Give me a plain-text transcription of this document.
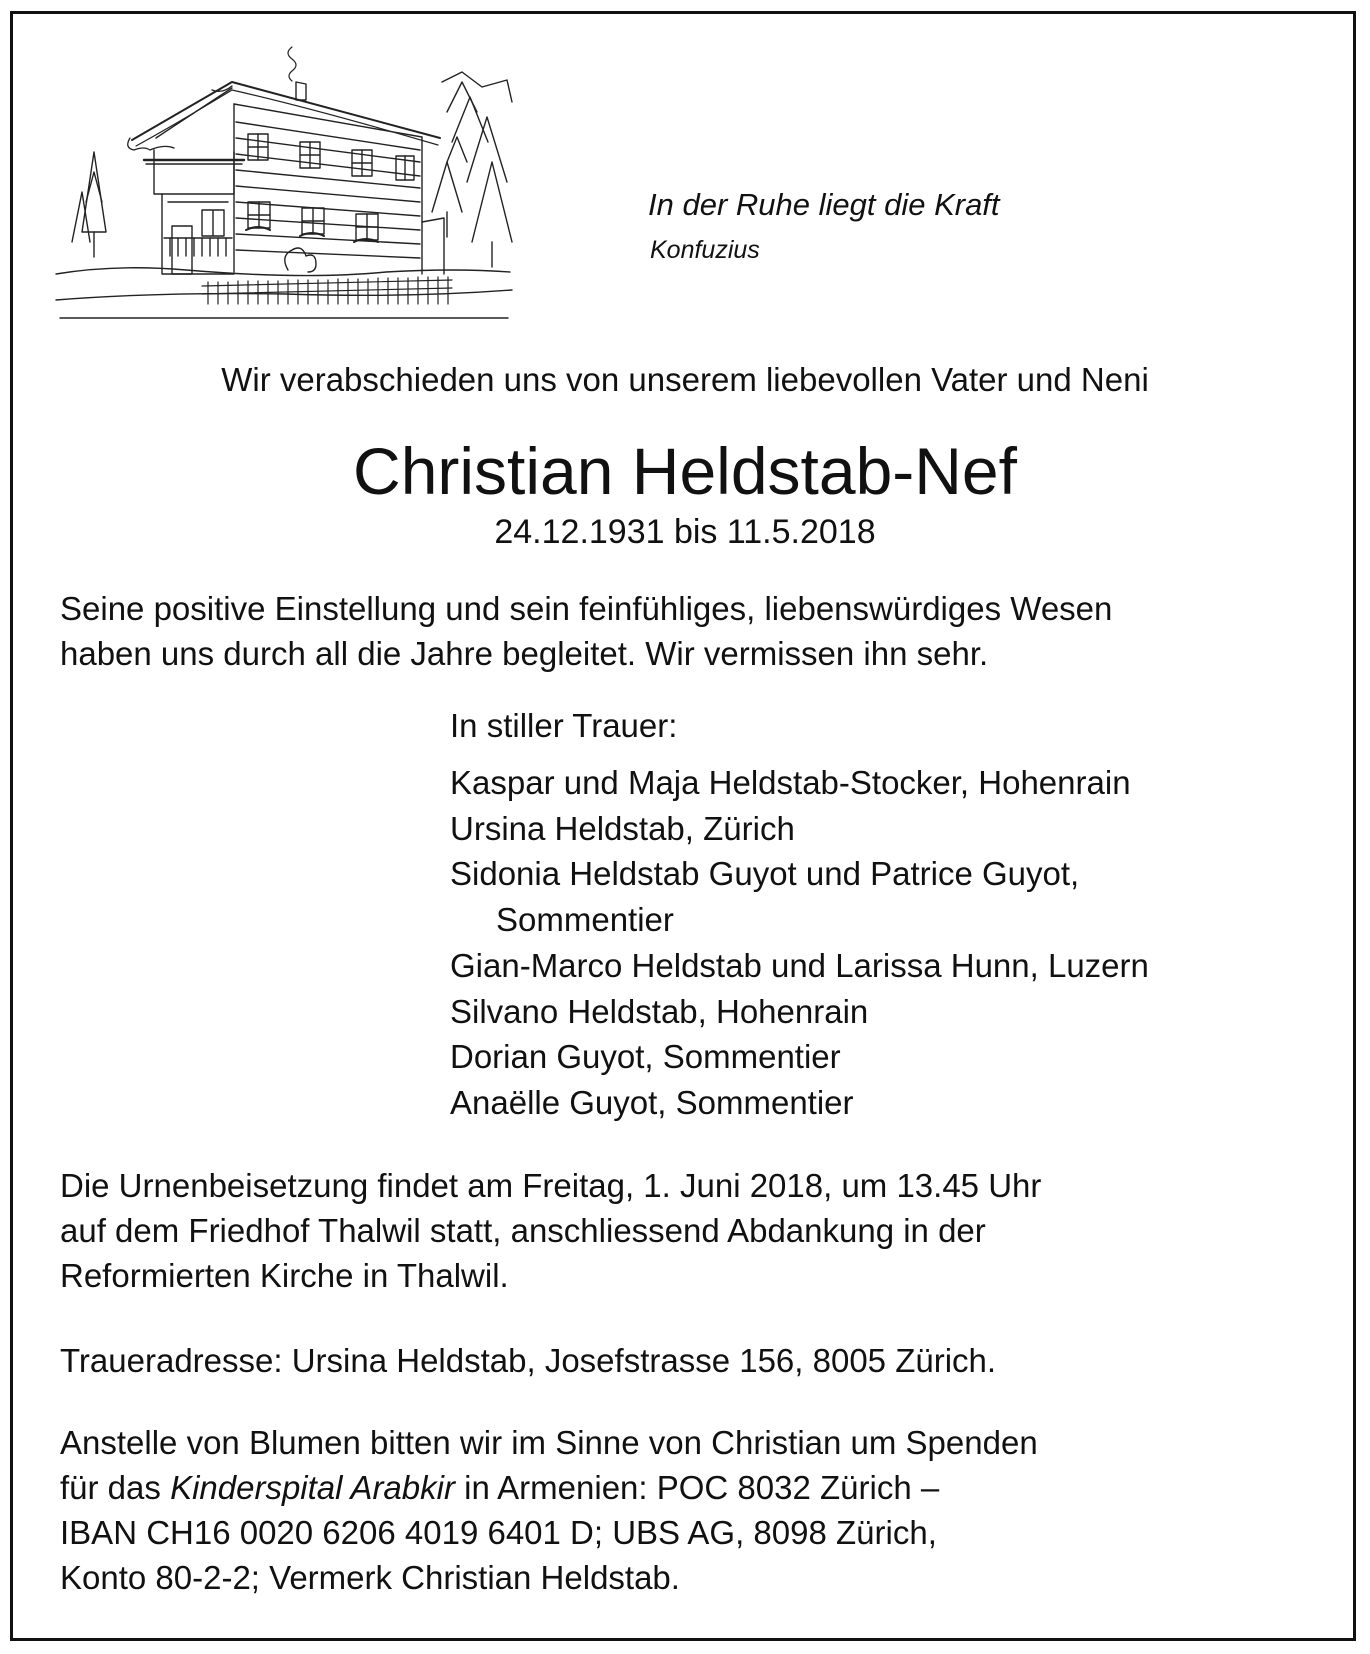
In der Ruhe liegt die Kraft
Konfuzius
Wir verabschieden uns von unserem liebevollen Vater und Neni
Christian Heldstab-Nef
24.12.1931 bis 11.5.2018
Seine positive Einstellung und sein feinfühliges, liebenswürdiges Wesen
haben uns durch all die Jahre begleitet. Wir vermissen ihn sehr.
In stiller Trauer:
Kaspar und Maja Heldstab-Stocker, Hohenrain
Ursina Heldstab, Zürich
Sidonia Heldstab Guyot und Patrice Guyot,
Sommentier
Gian-Marco Heldstab und Larissa Hunn, Luzern
Silvano Heldstab, Hohenrain
Dorian Guyot, Sommentier
Anaëlle Guyot, Sommentier
Die Urnenbeisetzung findet am Freitag, 1. Juni 2018, um 13.45 Uhr
auf dem Friedhof Thalwil statt, anschliessend Abdankung in der
Reformierten Kirche in Thalwil.
Traueradresse: Ursina Heldstab, Josefstrasse 156, 8005 Zürich.
Anstelle von Blumen bitten wir im Sinne von Christian um Spenden
für das Kinderspital Arabkir in Armenien: POC 8032 Zürich –
IBAN CH16 0020 6206 4019 6401 D; UBS AG, 8098 Zürich,
Konto 80-2-2; Vermerk Christian Heldstab.
